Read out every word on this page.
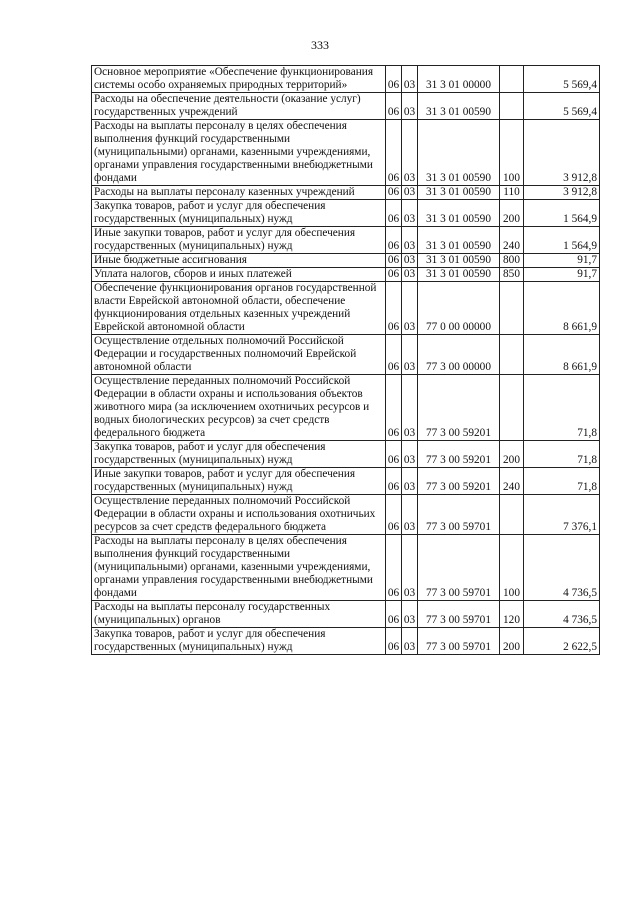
333
Основное мероприятие «Обеспечение функционирования системы особо охраняемых природных территорий»	06	03	31 3 01 00000		5 569,4
Расходы на обеспечение деятельности (оказание услуг) государственных учреждений	06	03	31 3 01 00590		5 569,4
Расходы на выплаты персоналу в целях обеспечения выполнения функций государственными (муниципальными) органами, казенными учреждениями, органами управления государственными внебюджетными фондами	06	03	31 3 01 00590	100	3 912,8
Расходы на выплаты персоналу казенных учреждений	06	03	31 3 01 00590	110	3 912,8
Закупка товаров, работ и услуг для обеспечения государственных (муниципальных) нужд	06	03	31 3 01 00590	200	1 564,9
Иные закупки товаров, работ и услуг для обеспечения государственных (муниципальных) нужд	06	03	31 3 01 00590	240	1 564,9
Иные бюджетные ассигнования	06	03	31 3 01 00590	800	91,7
Уплата налогов, сборов и иных платежей	06	03	31 3 01 00590	850	91,7
Обеспечение функционирования органов государственной власти Еврейской автономной области, обеспечение функционирования отдельных казенных учреждений Еврейской автономной области	06	03	77 0 00 00000		8 661,9
Осуществление отдельных полномочий Российской Федерации и государственных полномочий Еврейской автономной области	06	03	77 3 00 00000		8 661,9
Осуществление переданных полномочий Российской Федерации в области охраны и использования объектов животного мира (за исключением охотничьих ресурсов и водных биологических ресурсов) за счет средств федерального бюджета	06	03	77 3 00 59201		71,8
Закупка товаров, работ и услуг для обеспечения государственных (муниципальных) нужд	06	03	77 3 00 59201	200	71,8
Иные закупки товаров, работ и услуг для обеспечения государственных (муниципальных) нужд	06	03	77 3 00 59201	240	71,8
Осуществление переданных полномочий Российской Федерации в области охраны и использования охотничьих ресурсов за счет средств федерального бюджета	06	03	77 3 00 59701		7 376,1
Расходы на выплаты персоналу в целях обеспечения выполнения функций государственными (муниципальными) органами, казенными учреждениями, органами управления государственными внебюджетными фондами	06	03	77 3 00 59701	100	4 736,5
Расходы на выплаты персоналу государственных (муниципальных) органов	06	03	77 3 00 59701	120	4 736,5
Закупка товаров, работ и услуг для обеспечения государственных (муниципальных) нужд	06	03	77 3 00 59701	200	2 622,5
